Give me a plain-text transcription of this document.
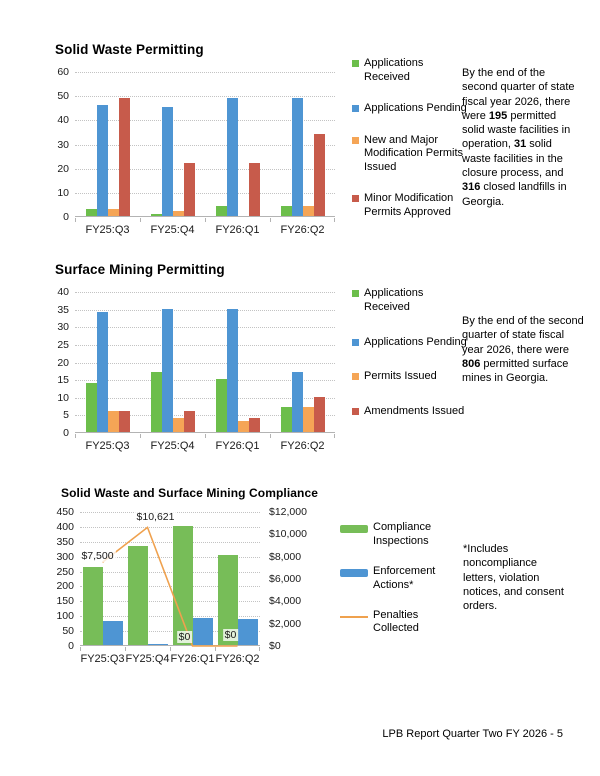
Solid Waste Permitting
Applications Received
Applications Pending
New and Major Modification Permits Issued
Minor Modification Permits Approved
By the end of the second quarter of state fiscal year 2026, there were 195 permitted solid waste facilities in operation, 31 solid waste facilities in the closure process, and 316 closed landfills in Georgia.
Surface Mining Permitting
Applications Received
Applications Pending
Permits Issued
Amendments Issued
By the end of the second quarter of state fiscal year 2026, there were 806 permitted surface mines in Georgia.
Solid Waste and Surface Mining Compliance
Compliance Inspections
Enforcement Actions*
Penalties Collected
*Includes noncompliance letters, violation notices, and consent orders.
LPB Report Quarter Two FY 2026 - 5
0
10
20
30
40
50
60
FY25:Q3	FY25:Q4	FY26:Q1	FY26:Q2
0
5
10
15
20
25
30
35
40
FY25:Q3	FY25:Q4	FY26:Q1	FY26:Q2
0
50
100
150
200
250
300
350
400
450
$0
$2,000
$4,000
$6,000
$8,000
$10,000
$12,000
FY25:Q3 FY25:Q4 FY26:Q1 FY26:Q2
$7,500
$10,621
$0	$0
